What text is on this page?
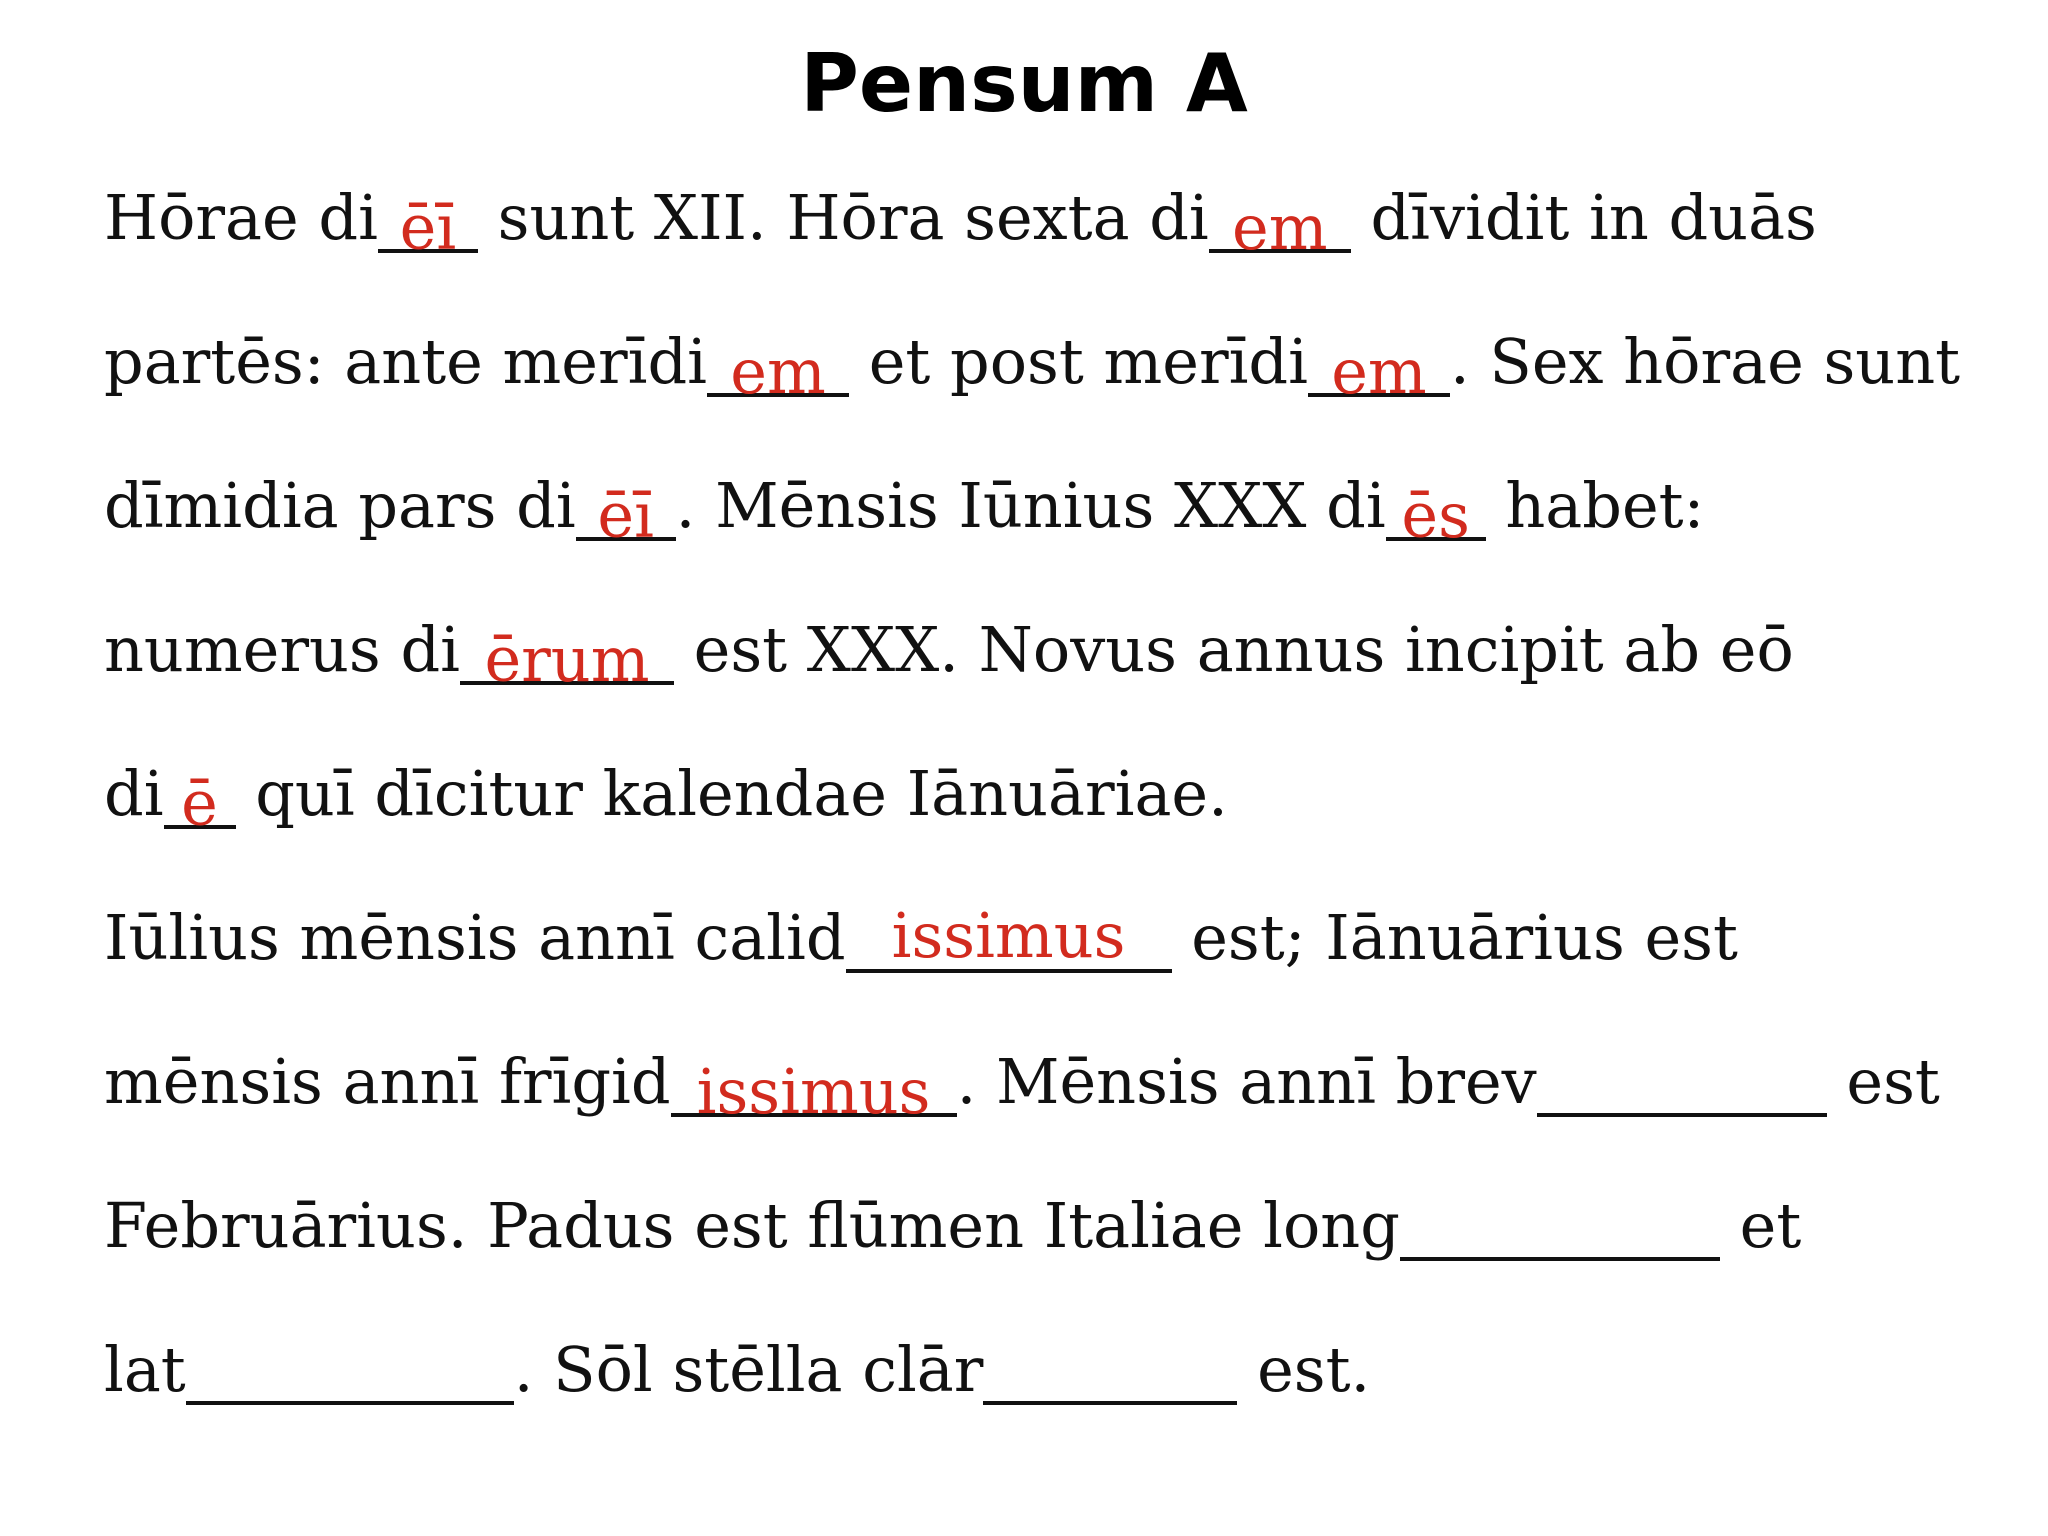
Pensum A
Hōrae di ēī sunt XII. Hōra sexta di em dīvidit in duās
partēs: ante merīdi em et post merīdi em . Sex hōrae sunt
dīmidia pars di ēī . Mēnsis Iūnius XXX di ēs habet:
numerus di ērum est XXX. Novus annus incipit ab eō
di ē quī dīcitur kalendae Iānuāriae.
Iūlius mēnsis annī calid issimus est; Iānuārius est
mēnsis annī frīgid issimus . Mēnsis annī brev	est
Februārius. Padus est flūmen Italiae long	et
lat	. Sōl stēlla clār	est.
